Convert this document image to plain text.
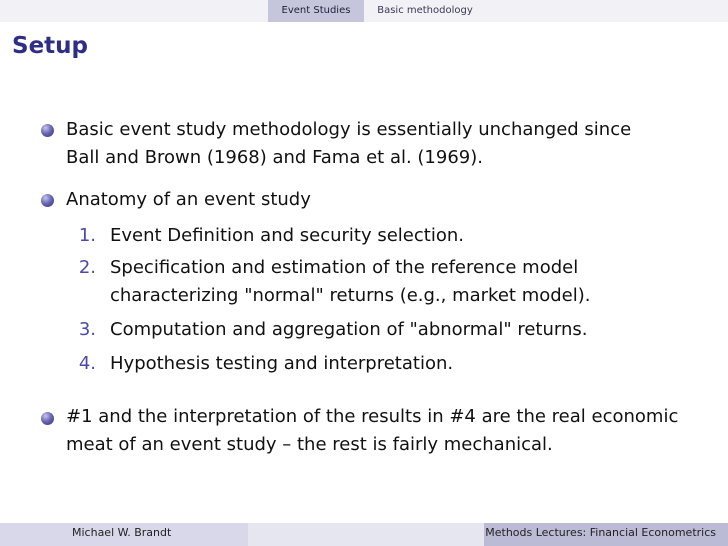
Event Studies	Basic methodology
Setup
Basic event study methodology is essentially unchanged since
Ball and Brown (1968) and Fama et al. (1969).
Anatomy of an event study
1. Event Definition and security selection.
2. Specification and estimation of the reference model
characterizing "normal" returns (e.g., market model).
3. Computation and aggregation of "abnormal" returns.
4. Hypothesis testing and interpretation.
#1 and the interpretation of the results in #4 are the real economic
meat of an event study – the rest is fairly mechanical.
Michael W. Brandt	Methods Lectures: Financial Econometrics
